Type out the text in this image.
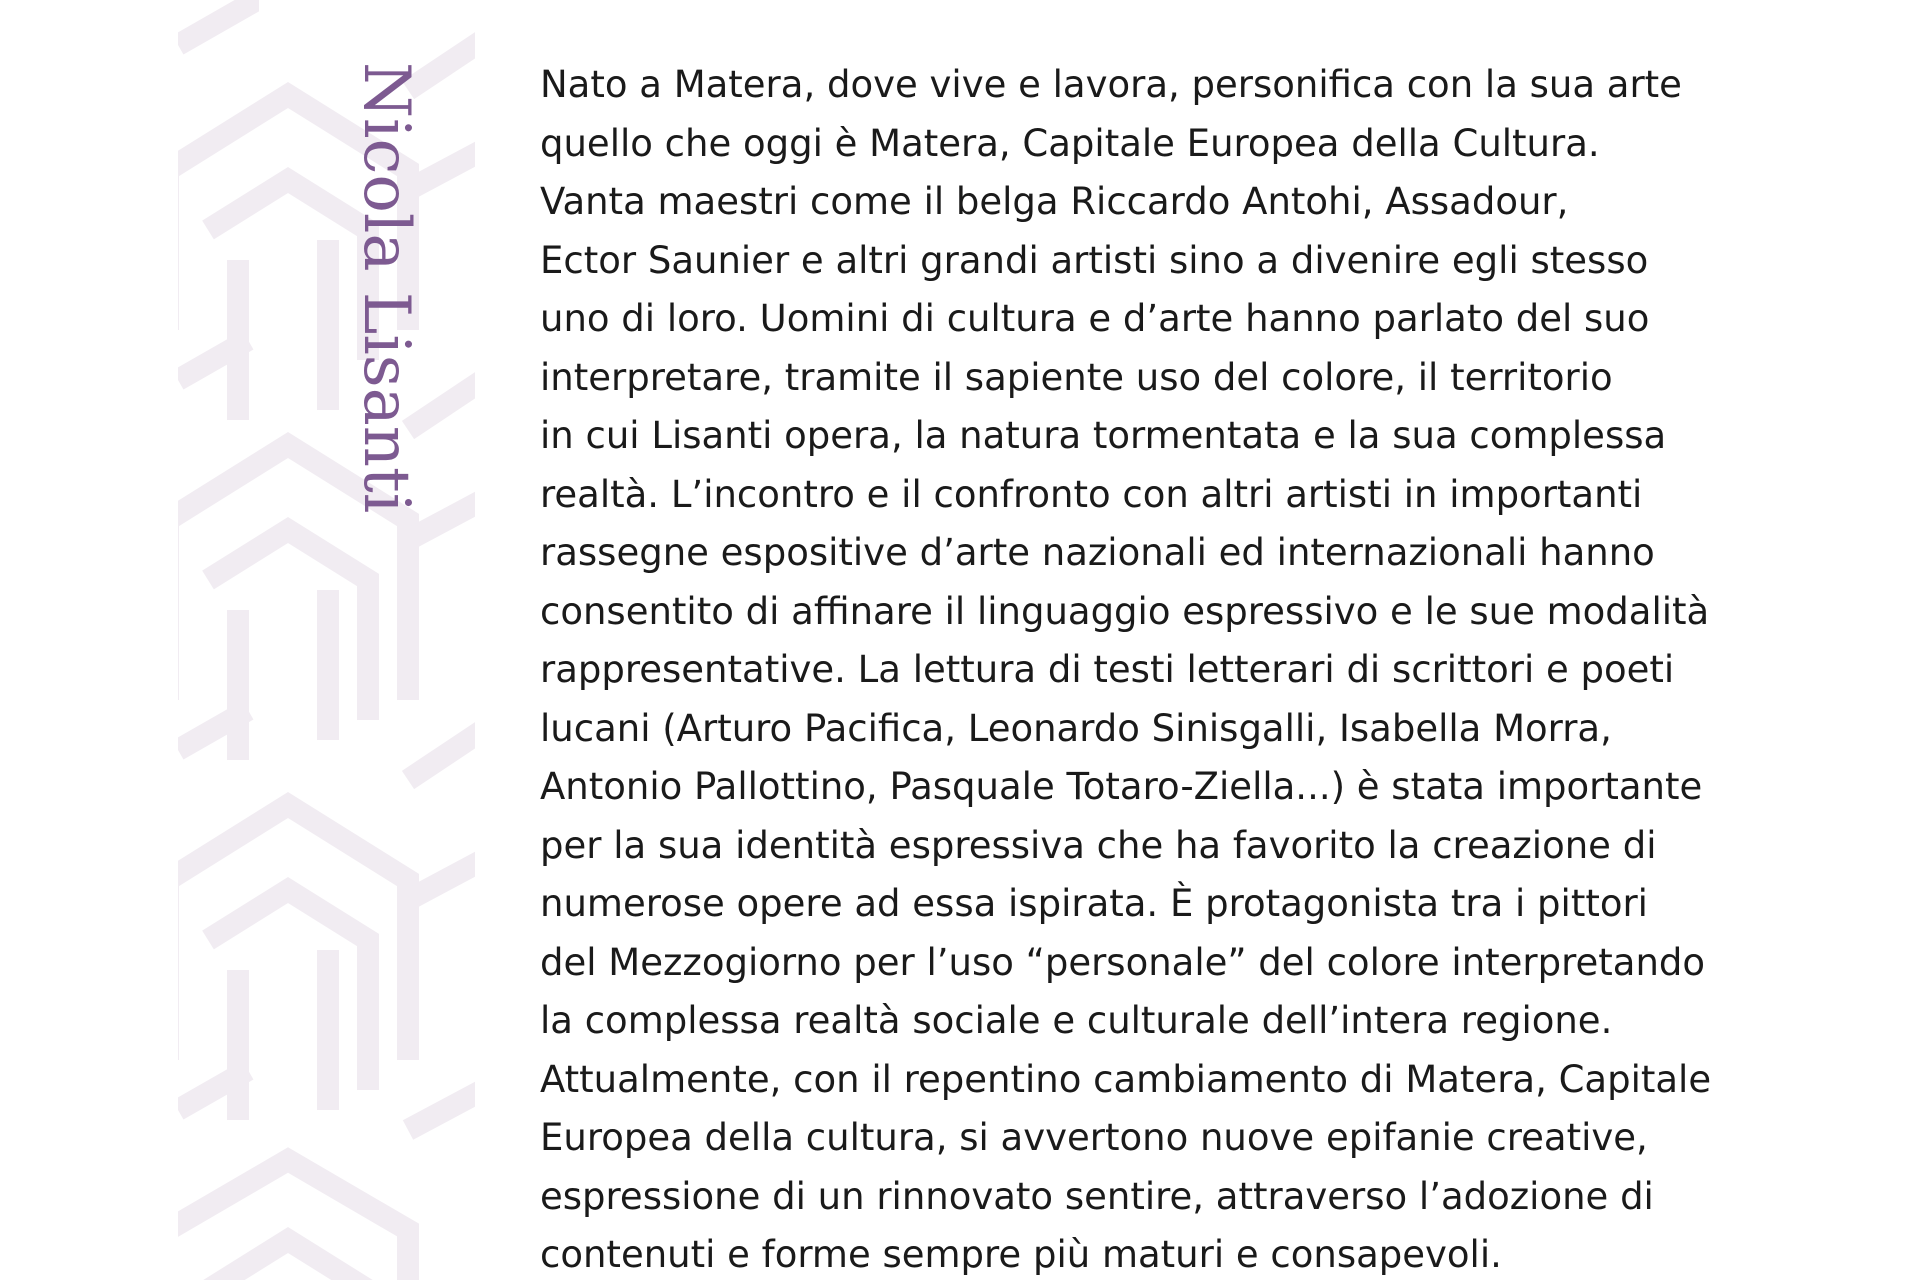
Nicola Lisanti	Nato a Matera, dove vive e lavora, personifica con la sua arte
quello che oggi è Matera, Capitale Europea della Cultura.
Vanta maestri come il belga Riccardo Antohi, Assadour,
Ector Saunier e altri grandi artisti sino a divenire egli stesso
uno di loro. Uomini di cultura e d’arte hanno parlato del suo
interpretare, tramite il sapiente uso del colore, il territorio
in cui Lisanti opera, la natura tormentata e la sua complessa
realtà. L’incontro e il confronto con altri artisti in importanti
rassegne espositive d’arte nazionali ed internazionali hanno
consentito di affinare il linguaggio espressivo e le sue modalità
rappresentative. La lettura di testi letterari di scrittori e poeti
lucani (Arturo Pacifica, Leonardo Sinisgalli, Isabella Morra,
Antonio Pallottino, Pasquale Totaro-Ziella...) è stata importante
per la sua identità espressiva che ha favorito la creazione di
numerose opere ad essa ispirata. È protagonista tra i pittori
del Mezzogiorno per l’uso “personale” del colore interpretando
la complessa realtà sociale e culturale dell’intera regione.
Attualmente, con il repentino cambiamento di Matera, Capitale
Europea della cultura, si avvertono nuove epifanie creative,
espressione di un rinnovato sentire, attraverso l’adozione di
contenuti e forme sempre più maturi e consapevoli.
